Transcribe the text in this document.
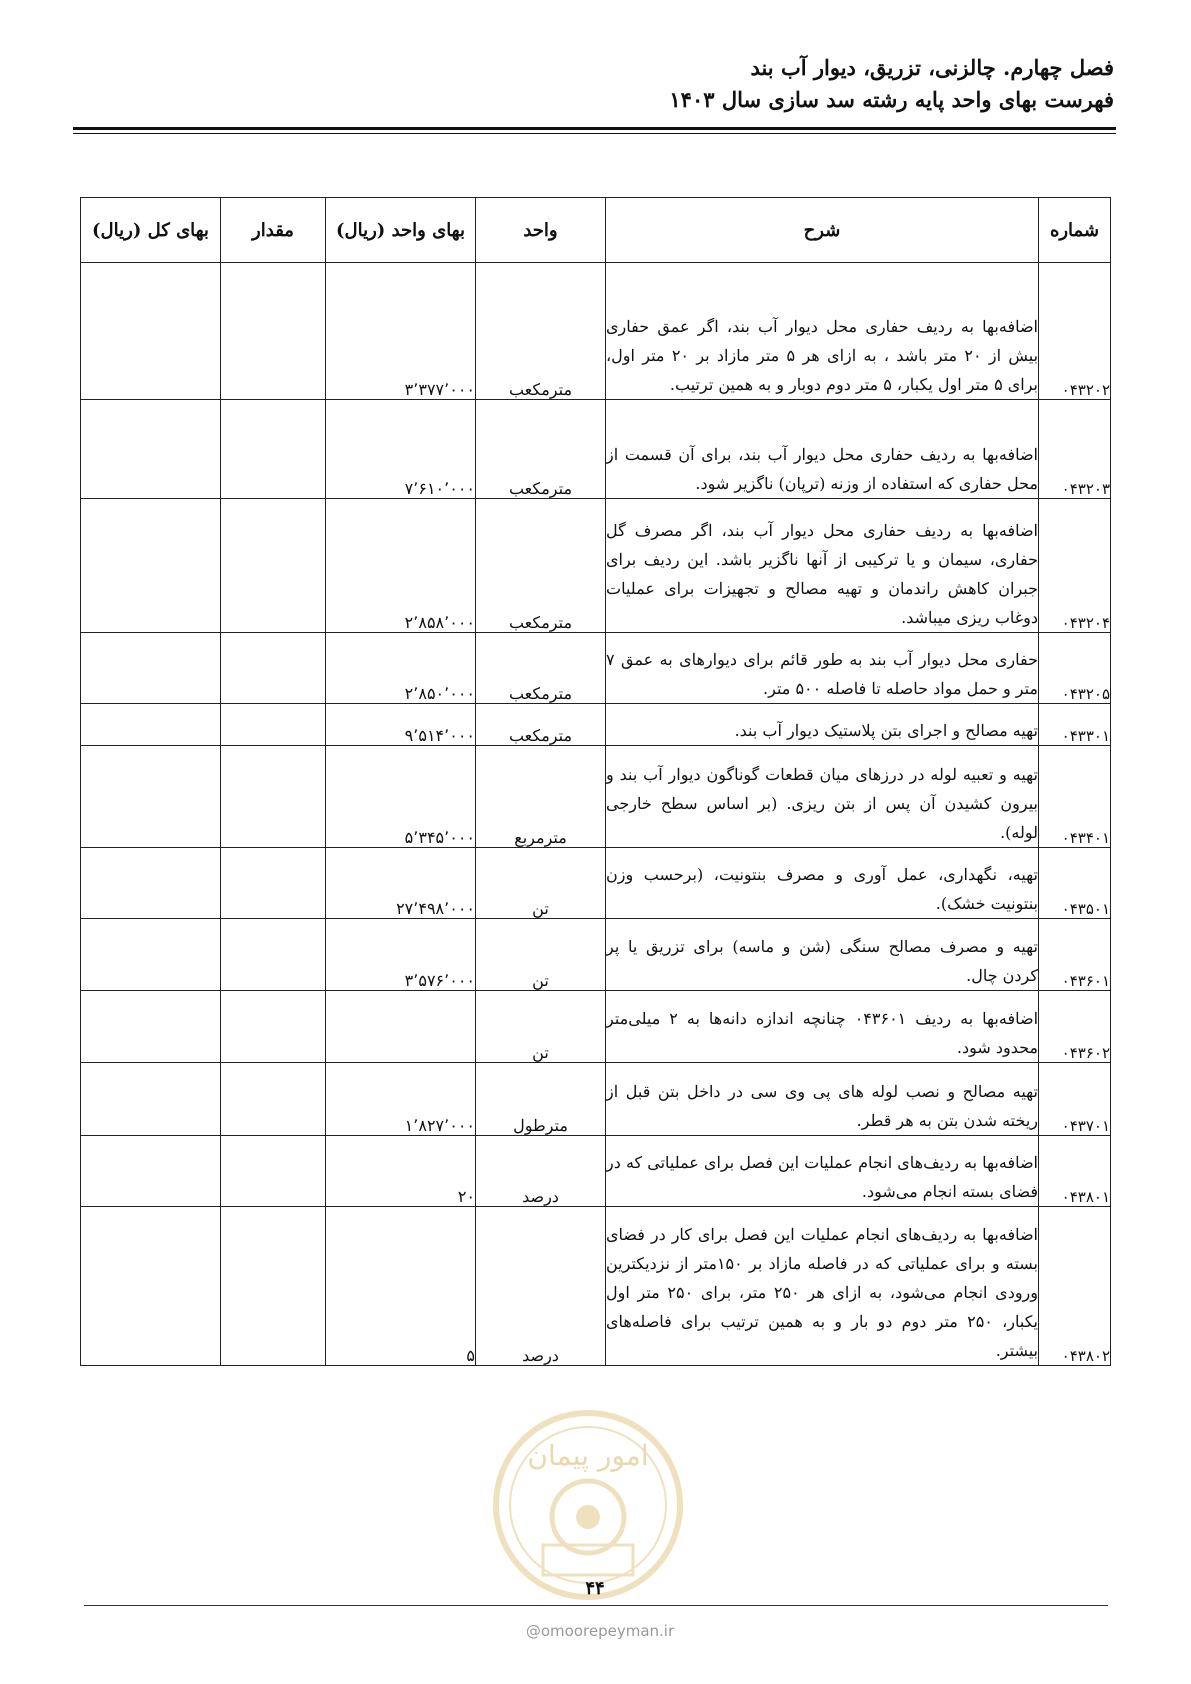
فصل چهارم. چالزنی، تزریق، دیوار آب بند
فهرست بهای واحد پایه رشته سد سازی سال ۱۴۰۳
شماره	شرح	واحد	بهای واحد (ریال)	مقدار	بهای کل (ریال)
۰۴۳۲۰۲	اضافه‌بها به ردیف حفاری محل دیوار آب بند، اگر عمق حفاری بیش از ۲۰ متر باشد ، به ازای هر ۵ متر مازاد بر ۲۰ متر اول، برای ۵ متر اول یکبار، ۵ متر دوم دوبار و به همین ترتیب.	مترمکعب	۳٬۳۷۷٬۰۰۰		

۰۴۳۲۰۳	اضافه‌بها به ردیف حفاری محل دیوار آب بند، برای آن قسمت از محل حفاری که استفاده از وزنه (ترپان) ناگزیر شود.	مترمکعب	۷٬۶۱۰٬۰۰۰		

۰۴۳۲۰۴	اضافه‌بها به ردیف حفاری محل دیوار آب بند، اگر مصرف گل حفاری، سیمان و یا ترکیبی از آنها ناگزیر باشد. این ردیف برای جبران کاهش راندمان و تهیه مصالح و تجهیزات برای عملیات دوغاب ریزی میباشد.	مترمکعب	۲٬۸۵۸٬۰۰۰		

۰۴۳۲۰۵	حفاری محل دیوار آب بند به طور قائم برای دیوارهای به عمق ۷ متر و حمل مواد حاصله تا فاصله ۵۰۰ متر.	مترمکعب	۲٬۸۵۰٬۰۰۰		

۰۴۳۳۰۱	تهیه مصالح و اجرای بتن پلاستیک دیوار آب بند.	مترمکعب	۹٬۵۱۴٬۰۰۰		

۰۴۳۴۰۱	تهیه و تعبیه لوله در درزهای میان قطعات گوناگون دیوار آب بند و بیرون کشیدن آن پس از بتن ریزی. (بر اساس سطح خارجی لوله).	مترمربع	۵٬۳۴۵٬۰۰۰		

۰۴۳۵۰۱	تهیه، نگهداری، عمل آوری و مصرف بنتونیت، (برحسب وزن بنتونیت خشک).	تن	۲۷٬۴۹۸٬۰۰۰		

۰۴۳۶۰۱	تهیه و مصرف مصالح سنگی (شن و ماسه) برای تزریق یا پر کردن چال.	تن	۳٬۵۷۶٬۰۰۰		

۰۴۳۶۰۲	اضافه‌بها به ردیف ۰۴۳۶۰۱ چنانچه اندازه دانه‌ها به ۲ میلی‌متر محدود شود.	تن	

۰۴۳۷۰۱	تهیه مصالح و نصب لوله های پی وی سی در داخل بتن قبل از ریخته شدن بتن به هر قطر.	مترطول	۱٬۸۲۷٬۰۰۰		

۰۴۳۸۰۱	اضافه‌بها به ردیف‌های انجام عملیات این فصل برای عملیاتی که در فضای بسته انجام می‌شود.	درصد	۲۰		

۰۴۳۸۰۲	اضافه‌بها به ردیف‌های انجام عملیات این فصل برای کار در فضای بسته و برای عملیاتی که در فاصله مازاد بر ۱۵۰متر از نزدیکترین ورودی انجام می‌شود، به ازای هر ۲۵۰ متر، برای ۲۵۰ متر اول یکبار، ۲۵۰ متر دوم دو بار و به همین ترتیب برای فاصله‌های بیشتر.	درصد	۵		

امور پیمان
۴۴
@omoorepeyman.ir
